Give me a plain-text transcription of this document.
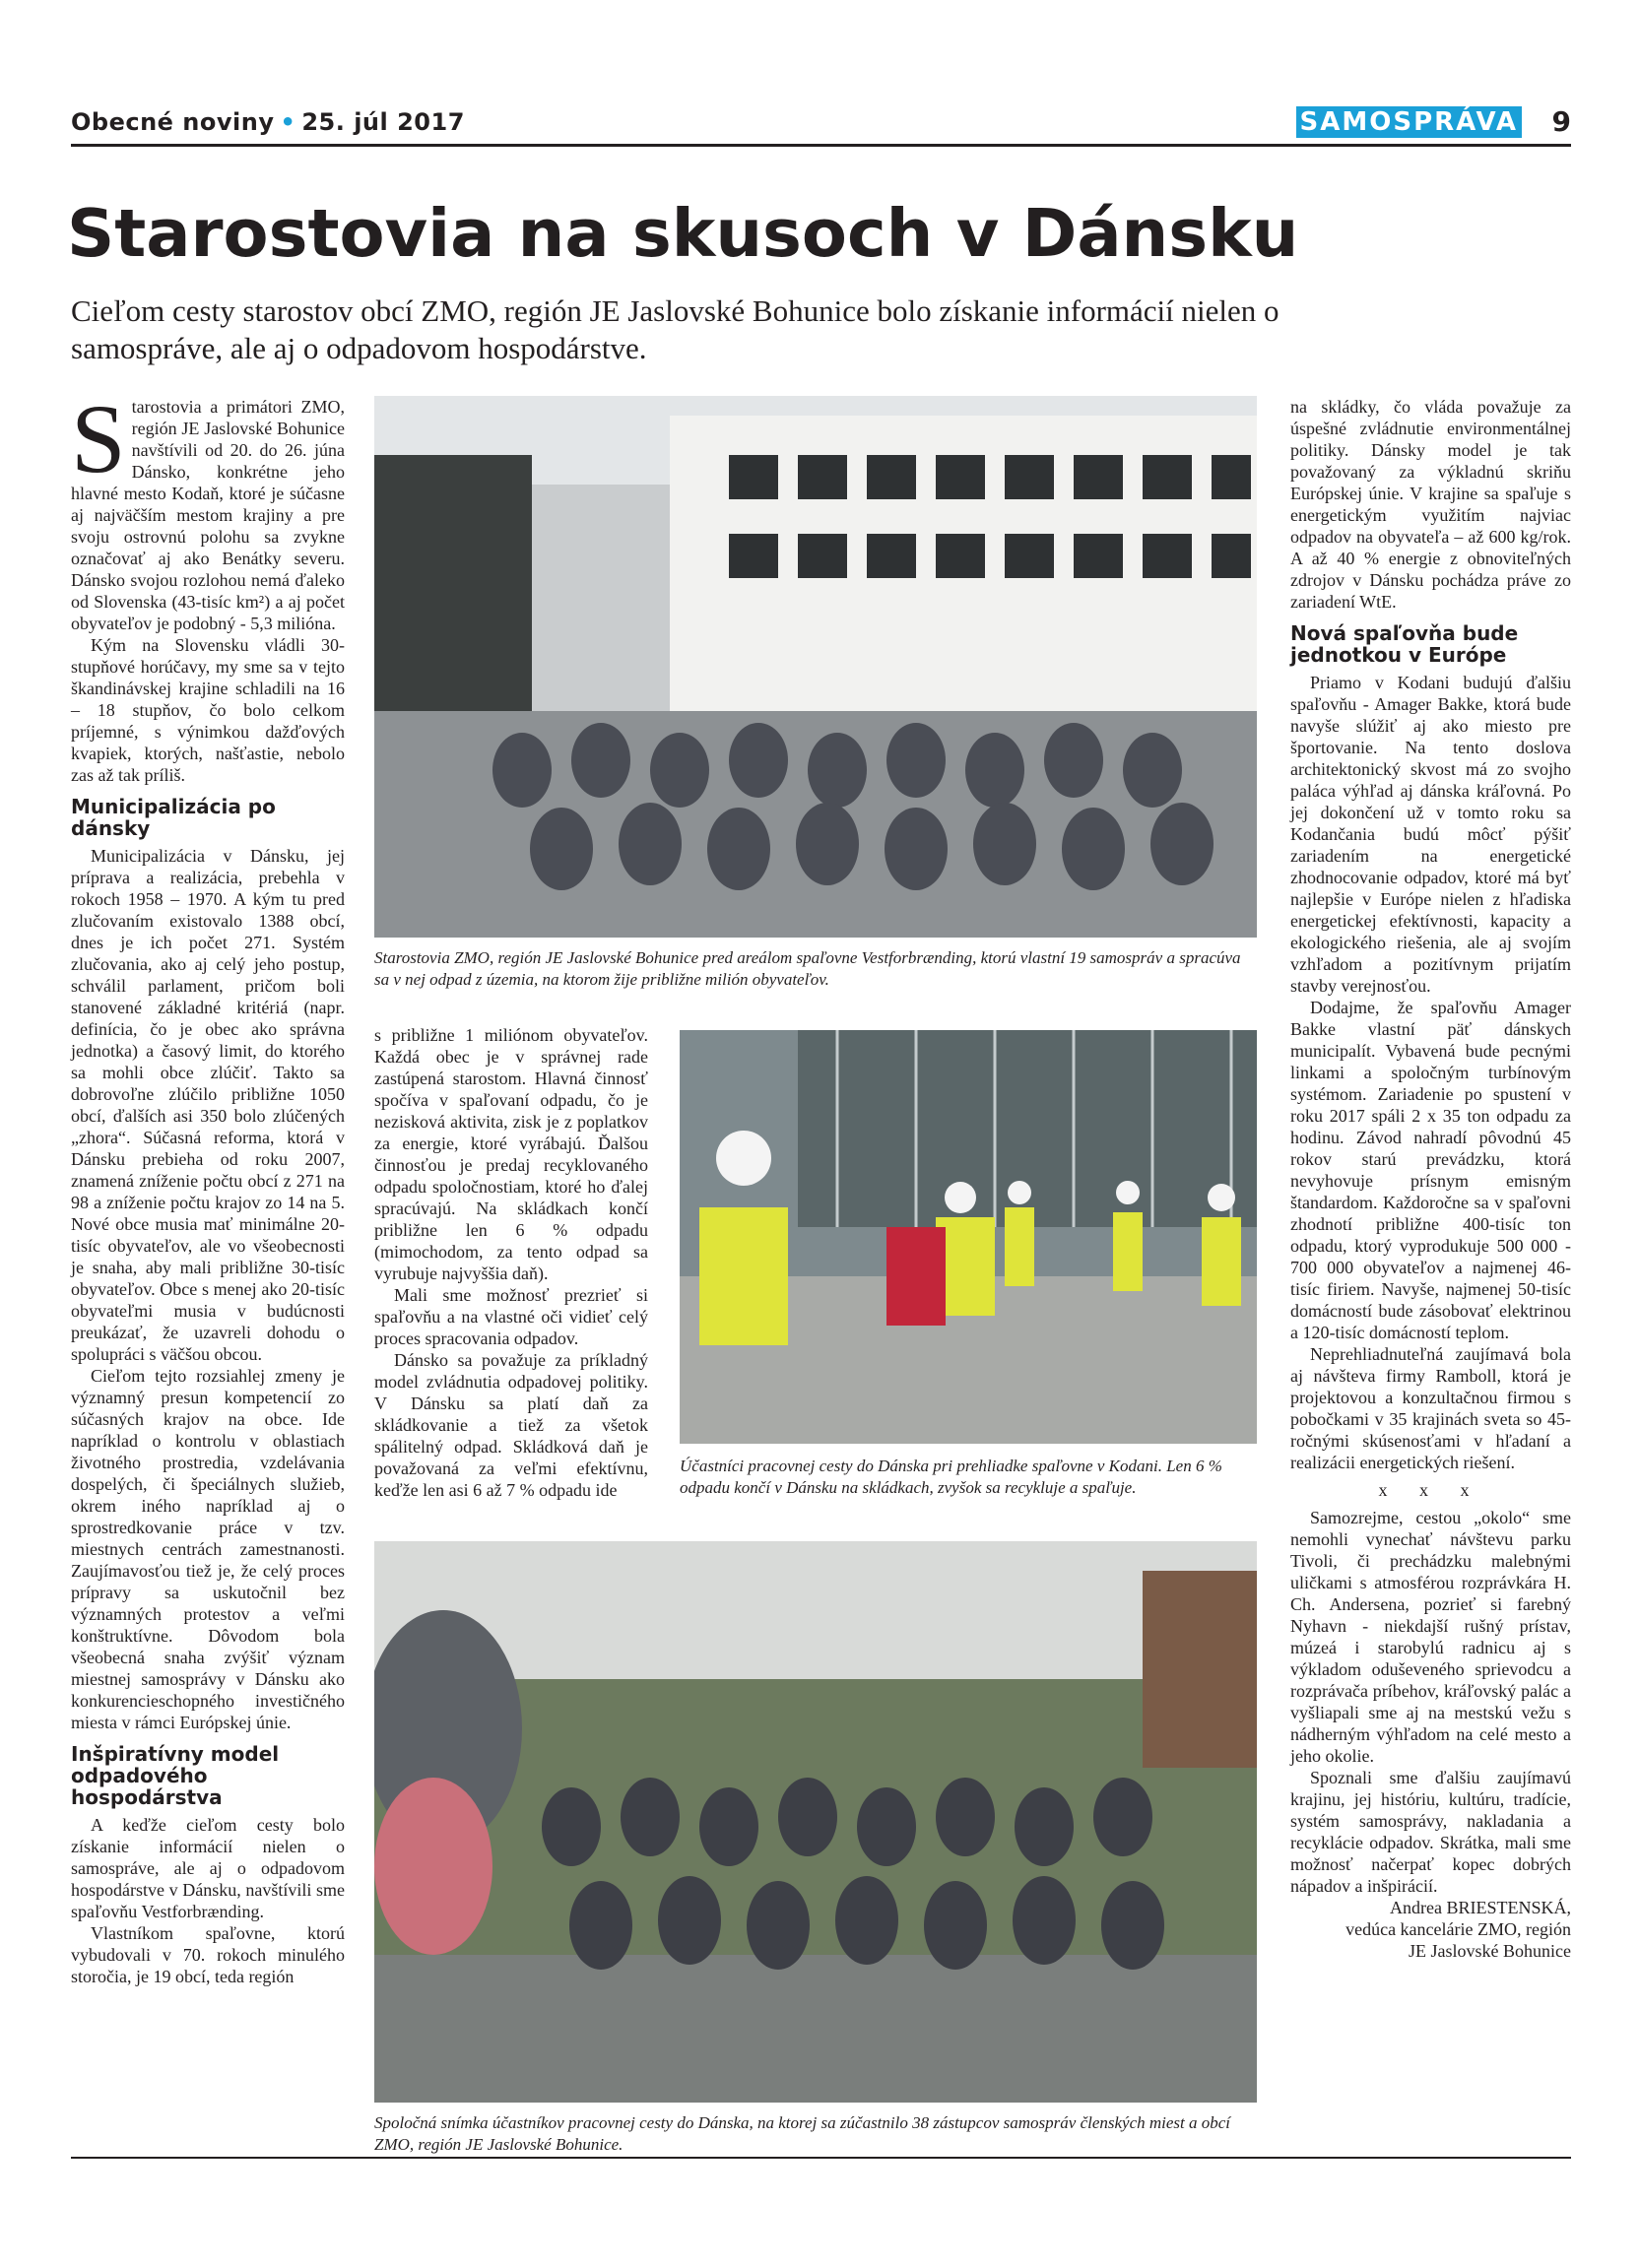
Obecné noviny • 25. júl 2017	SAMOSPRÁVA 9
Starostovia na skusoch v Dánsku
Cieľom cesty starostov obcí ZMO, región JE Jaslovské Bohunice bolo získanie informácií nielen o samospráve, ale aj o odpadovom hospodárstve.
S tarostovia a primátori ZMO, región JE Jaslovské Bohunice navštívili od 20. do 26. júna Dánsko, konkrétne jeho hlavné mesto Kodaň, ktoré je súčasne aj najväčším mestom krajiny a pre svoju ostrovnú polohu sa zvykne označovať aj ako Benátky severu. Dánsko svojou rozlohou nemá ďaleko od Slovenska (43-tisíc km²) a aj počet obyvateľov je podobný - 5,3 milióna.

Kým na Slovensku vládli 30-stupňové horúčavy, my sme sa v tejto škandinávskej krajine schladili na 16 – 18 stupňov, čo bolo celkom príjemné, s výnimkou dažďových kvapiek, ktorých, našťastie, nebolo zas až tak príliš.

Municipalizácia po dánsky

Municipalizácia v Dánsku, jej príprava a realizácia, prebehla v rokoch 1958 – 1970. A kým tu pred zlučovaním existovalo 1388 obcí, dnes je ich počet 271. Systém zlučovania, ako aj celý jeho postup, schválil parlament, pričom boli stanovené základné kritériá (napr. definícia, čo je obec ako správna jednotka) a časový limit, do ktorého sa mohli obce zlúčiť. Takto sa dobrovoľne zlúčilo približne 1050 obcí, ďalších asi 350 bolo zlúčených „zhora“. Súčasná reforma, ktorá v Dánsku prebieha od roku 2007, znamená zníženie počtu obcí z 271 na 98 a zníženie počtu krajov zo 14 na 5. Nové obce musia mať minimálne 20-tisíc obyvateľov, ale vo všeobecnosti je snaha, aby mali približne 30-tisíc obyvateľov. Obce s menej ako 20-tisíc obyvateľmi musia v budúcnosti preukázať, že uzavreli dohodu o spolupráci s väčšou obcou.

Cieľom tejto rozsiahlej zmeny je významný presun kompetencií zo súčasných krajov na obce. Ide napríklad o kontrolu v oblastiach životného prostredia, vzdelávania dospelých, či špeciálnych služieb, okrem iného napríklad aj o sprostredkovanie práce v tzv. miestnych centrách zamestnanosti. Zaujímavosťou tiež je, že celý proces prípravy sa uskutočnil bez významných protestov a veľmi konštruktívne. Dôvodom bola všeobecná snaha zvýšiť význam miestnej samosprávy v Dánsku ako konkurencieschopného investičného miesta v rámci Európskej únie.

Inšpiratívny model odpadového hospodárstva

A keďže cieľom cesty bolo získanie informácií nielen o samospráve, ale aj o odpadovom hospodárstve v Dánsku, navštívili sme spaľovňu Vestforbrænding.

Vlastníkom spaľovne, ktorú vybudovali v 70. rokoch minulého storočia, je 19 obcí, teda región

Starostovia ZMO, región JE Jaslovské Bohunice pred areálom spaľovne Vestforbrænding, ktorú vlastní 19 samospráv a spracúva sa v nej odpad z územia, na ktorom žije približne milión obyvateľov.

s približne 1 miliónom obyvateľov. Každá obec je v správnej rade zastúpená starostom. Hlavná činnosť spočíva v spaľovaní odpadu, čo je nezisková aktivita, zisk je z poplatkov za energie, ktoré vyrábajú. Ďalšou činnosťou je predaj recyklovaného odpadu spoločnostiam, ktoré ho ďalej spracúvajú. Na skládkach končí približne len 6 % odpadu (mimochodom, za tento odpad sa vyrubuje najvyššia daň).

Mali sme možnosť prezrieť si spaľovňu a na vlastné oči vidieť celý proces spracovania odpadov.

Dánsko sa považuje za príkladný model zvládnutia odpadovej politiky. V Dánsku sa platí daň za skládkovanie a tiež za všetok spálitelný odpad. Skládková daň je považovaná za veľmi efektívnu, keďže len asi 6 až 7 % odpadu ide

Účastníci pracovnej cesty do Dánska pri prehliadke spaľovne v Kodani. Len 6 % odpadu končí v Dánsku na skládkach, zvyšok sa recykluje a spaľuje.
Spoločná snímka účastníkov pracovnej cesty do Dánska, na ktorej sa zúčastnilo 38 zástupcov samospráv členských miest a obcí ZMO, región JE Jaslovské Bohunice.

na skládky, čo vláda považuje za úspešné zvládnutie environmentálnej politiky. Dánsky model je tak považovaný za výkladnú skriňu Európskej únie. V krajine sa spaľuje s energetickým využitím najviac odpadov na obyvateľa – až 600 kg/rok. A až 40 % energie z obnoviteľných zdrojov v Dánsku pochádza práve zo zariadení WtE.

Nová spaľovňa bude jednotkou v Európe

Priamo v Kodani budujú ďalšiu spaľovňu - Amager Bakke, ktorá bude navyše slúžiť aj ako miesto pre športovanie. Na tento doslova architektonický skvost má zo svojho paláca výhľad aj dánska kráľovná. Po jej dokončení už v tomto roku sa Kodančania budú môcť pýšiť zariadením na energetické zhodnocovanie odpadov, ktoré má byť najlepšie v Európe nielen z hľadiska energetickej efektívnosti, kapacity a ekologického riešenia, ale aj svojím vzhľadom a pozitívnym prijatím stavby verejnosťou.

Dodajme, že spaľovňu Amager Bakke vlastní päť dánskych municipalít. Vybavená bude pecnými linkami a spoločným turbínovým systémom. Zariadenie po spustení v roku 2017 spáli 2 x 35 ton odpadu za hodinu. Závod nahradí pôvodnú 45 rokov starú prevádzku, ktorá nevyhovuje prísnym emisným štandardom. Každoročne sa v spaľovni zhodnotí približne 400-tisíc ton odpadu, ktorý vyprodukuje 500 000 - 700 000 obyvateľov a najmenej 46-tisíc firiem. Navyše, najmenej 50-tisíc domácností bude zásobovať elektrinou a 120-tisíc domácností teplom.

Neprehliadnuteľná zaujímavá bola aj návšteva firmy Ramboll, ktorá je projektovou a konzultačnou firmou s pobočkami v 35 krajinách sveta so 45-ročnými skúsenosťami v hľadaní a realizácii energetických riešení.

x x x

Samozrejme, cestou „okolo“ sme nemohli vynechať návštevu parku Tivoli, či prechádzku malebnými uličkami s atmosférou rozprávkára H. Ch. Andersena, pozrieť si farebný Nyhavn - niekdajší rušný prístav, múzeá i starobylú radnicu aj s výkladom oduševeného sprievodcu a rozprávača príbehov, kráľovský palác a vyšliapali sme aj na mestskú vežu s nádherným výhľadom na celé mesto a jeho okolie.

Spoznali sme ďalšiu zaujímavú krajinu, jej históriu, kultúru, tradície, systém samosprávy, nakladania a recyklácie odpadov. Skrátka, mali sme možnosť načerpať kopec dobrých nápadov a inšpirácií.

Andrea BRIESTENSKÁ,

vedúca kancelárie ZMO, región

JE Jaslovské Bohunice
